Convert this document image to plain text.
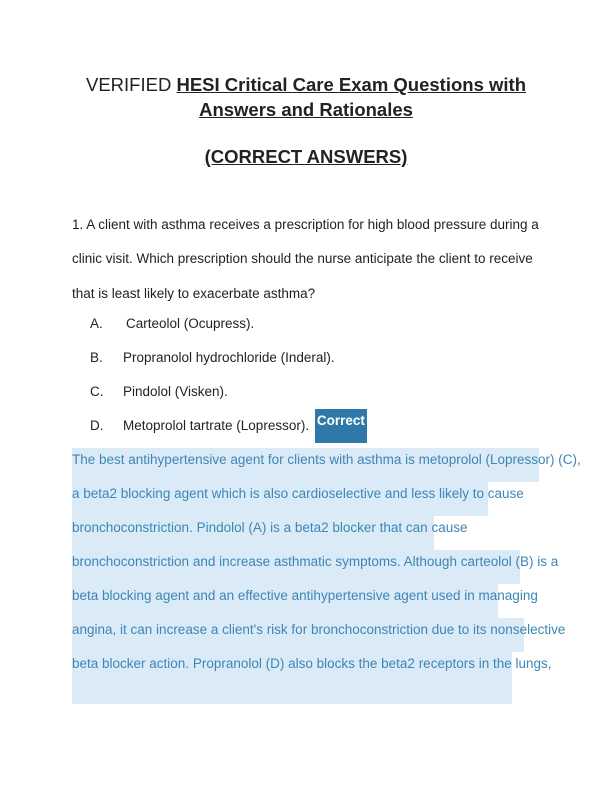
VERIFIED HESI Critical Care Exam Questions with Answers and Rationales
(CORRECT ANSWERS)

1. A client with asthma receives a prescription for high blood pressure during a clinic visit. Which prescription should the nurse anticipate the client to receive that is least likely to exacerbate asthma?

A. Carteolol (Ocupress).
B. Propranolol hydrochloride (Inderal).
C. Pindolol (Visken).
D. Metoprolol tartrate (Lopressor). Correct
The best antihypertensive agent for clients with asthma is metoprolol (Lopressor) (C),
a beta2 blocking agent which is also cardioselective and less likely to cause
bronchoconstriction. Pindolol (A) is a beta2 blocker that can cause
bronchoconstriction and increase asthmatic symptoms. Although carteolol (B) is a
beta blocking agent and an effective antihypertensive agent used in managing
angina, it can increase a client's risk for bronchoconstriction due to its nonselective
beta blocker action. Propranolol (D) also blocks the beta2 receptors in the lungs,
